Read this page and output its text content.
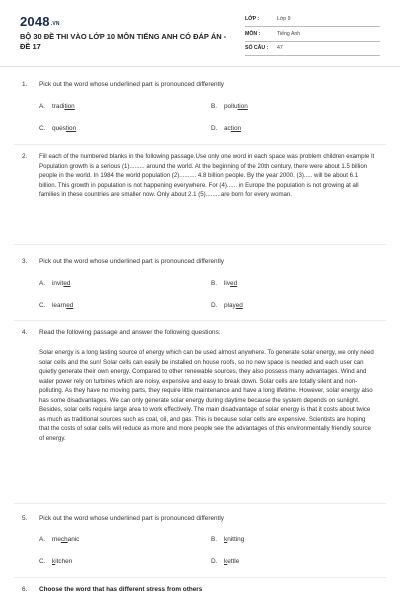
2048.VN
BỘ 30 ĐỀ THI VÀO LỚP 10 MÔN TIẾNG ANH CÓ ĐÁP ÁN - ĐỀ 17
LỚP :	Lớp 9
MÔN :	Tiếng Anh
SỐ CÂU : 47
1. Pick out the word whose underlined part is pronounced differently
A. tradition	B. pollution
C. question	D. action
2. Fill each of the numbered blanks in the following passage.Use only one word in each space was problem children example It Population growth is a serious (1)......... around the world. At the beginning of the 20th century, there were about 1.5 billion people in the world. In 1984 the world population (2).......... 4.8 billion people. By the year 2000, (3)..... will be about 6.1 billion. This growth in population is not happening everywhere. For (4)...... in Europe the population is not growing at all families in these countries are smaller now. Only about 2.1 (5).........are born for every woman.
3. Pick out the word whose underlined part is pronounced differently
A. invited	B. lived
C. learned	D. played
4. Read the following passage and answer the following questions:
Solar energy is a long lasting source of energy which can be used almost anywhere. To generate solar energy, we only need solar cells and the sun! Solar cells can easily be installed on house roofs, so no new space is needed and each user can quietly generate their own energy. Compared to other renewable sources, they also possess many advantages. Wind and water power rely on turbines which are noisy, expensive and easy to break down. Solar cells are totally silent and non-polluting. As they have no moving parts, they require little maintenance and have a long lifetime. However, solar energy also has some disadvantages. We can only generate solar energy during daytime because the system depends on sunlight. Besides, solar cells require large area to work effectively. The main disadvantage of solar energy is that it costs about twice as much as traditional sources such as coal, oil, and gas. This is because solar cells are expensive. Scientists are hoping that the costs of solar cells will reduce as more and more people see the advantages of this environmentally friendly source of energy.
5. Pick out the word whose underlined part is pronounced differently
A. mechanic	B. knitting
C. kitchen	D. kettle
6. Choose the word that has different stress from others
